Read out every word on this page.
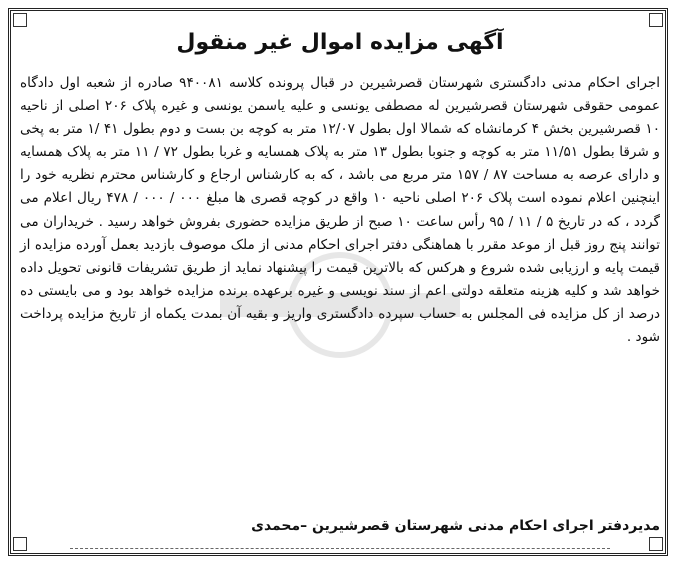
آگهی مزایده اموال غیر منقول

اجرای احکام مدنی دادگستری شهرستان قصرشیرین در قبال پرونده کلاسه ۹۴۰۰۸۱ صادره از شعبه اول دادگاه عمومی حقوقی شهرستان قصرشیرین له مصطفی یونسی و علیه یاسمن یونسی و غیره پلاک ۲۰۶ اصلی از ناحیه ۱۰ قصرشیرین بخش ۴ کرمانشاه که شمالا اول بطول ۱۲/۰۷ متر به کوچه بن بست و دوم بطول ۴۱ /۱ متر به پخی و شرقا بطول ۱۱/۵۱ متر به کوچه و جنوبا بطول ۱۳ متر به پلاک همسایه و غربا بطول ۷۲ / ۱۱ متر به پلاک همسایه و دارای عرصه به مساحت ۸۷ / ۱۵۷ متر مربع می باشد ، که به کارشناس ارجاع و کارشناس محترم نظریه خود را اینچنین اعلام نموده است پلاک ۲۰۶ اصلی ناحیه ۱۰ واقع در کوچه قصری ها مبلغ ۰۰۰ / ۰۰۰ / ۴۷۸ ریال اعلام می گردد ، که در تاریخ ۵ / ۱۱ / ۹۵ رأس ساعت ۱۰ صبح از طریق مزایده حضوری بفروش خواهد رسید . خریداران می توانند پنج روز قبل از موعد مقرر با هماهنگی دفتر اجرای احکام مدنی از ملک موصوف بازدید بعمل آورده مزایده از قیمت پایه و ارزیابی شده شروع و هرکس که بالاترین قیمت را پیشنهاد نماید از طریق تشریفات قانونی تحویل داده خواهد شد و کلیه هزینه متعلقه دولتی اعم از سند نویسی و غیره برعهده برنده مزایده خواهد بود و می بایستی ده درصد از کل مزایده فی المجلس به حساب سپرده دادگستری واریز و بقیه آن بمدت یکماه از تاریخ مزایده پرداخت شود .

مدیردفتر اجرای احکام مدنی شهرستان قصرشیرین –محمدی
